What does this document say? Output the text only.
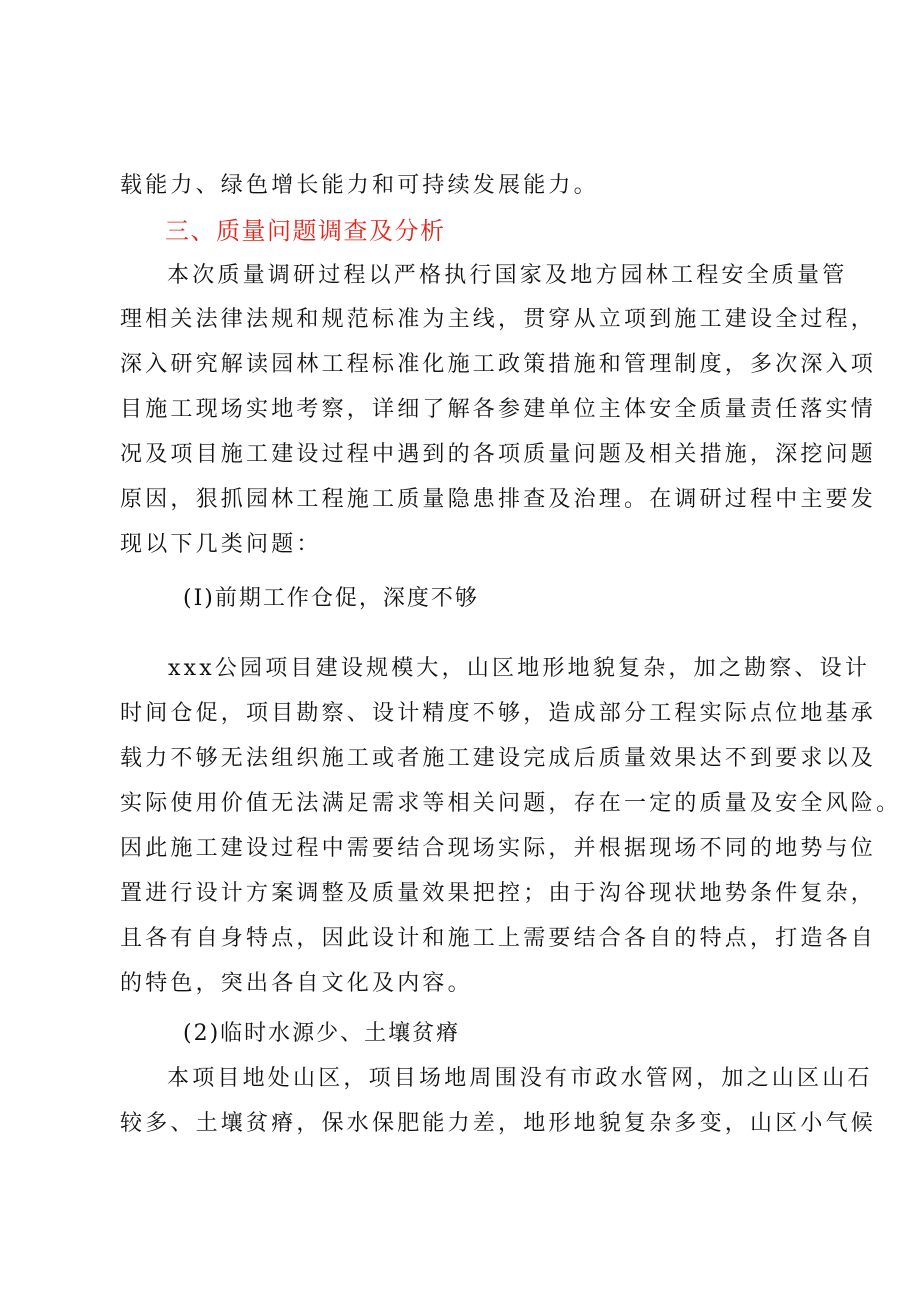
载能力、绿色增长能力和可持续发展能力。
三、质量问题调查及分析
本次质量调研过程以严格执行国家及地方园林工程安全质量管
理相关法律法规和规范标准为主线，贯穿从立项到施工建设全过程，
深入研究解读园林工程标准化施工政策措施和管理制度，多次深入项
目施工现场实地考察，详细了解各参建单位主体安全质量责任落实情
况及项目施工建设过程中遇到的各项质量问题及相关措施，深挖问题
原因，狠抓园林工程施工质量隐患排查及治理。在调研过程中主要发
现以下几类问题：
(I)前期工作仓促，深度不够
xxx公园项目建设规模大，山区地形地貌复杂，加之勘察、设计
时间仓促，项目勘察、设计精度不够，造成部分工程实际点位地基承
载力不够无法组织施工或者施工建设完成后质量效果达不到要求以及
实际使用价值无法满足需求等相关问题，存在一定的质量及安全风险。
因此施工建设过程中需要结合现场实际，并根据现场不同的地势与位
置进行设计方案调整及质量效果把控；由于沟谷现状地势条件复杂，
且各有自身特点，因此设计和施工上需要结合各自的特点，打造各自
的特色，突出各自文化及内容。
(2)临时水源少、土壤贫瘠
本项目地处山区，项目场地周围没有市政水管网，加之山区山石
较多、土壤贫瘠，保水保肥能力差，地形地貌复杂多变，山区小气候
